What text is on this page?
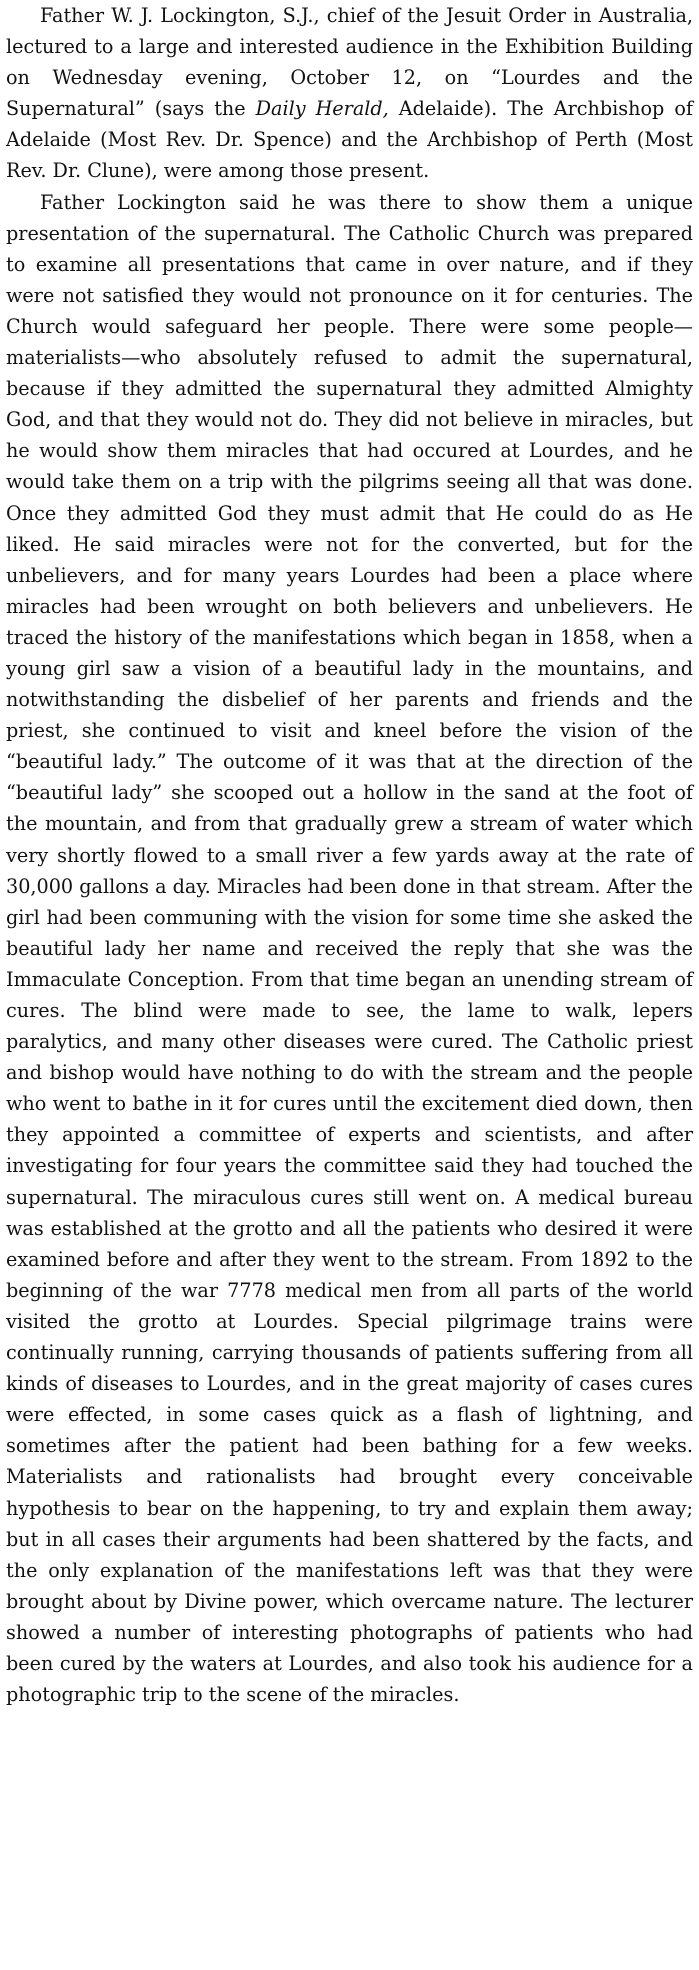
Father W. J. Lockington, S.J., chief of the Jesuit Order in Australia, lectured to a large and interested audience in the Exhibition Building on Wednesday evening, October 12, on “Lourdes and the Supernatural” (says the Daily Herald, Adelaide). The Archbishop of Adelaide (Most Rev. Dr. Spence) and the Archbishop of Perth (Most Rev. Dr. Clune), were among those present.

Father Lockington said he was there to show them a unique presentation of the supernatural. The Catholic Church was prepared to examine all presentations that came in over nature, and if they were not satisfied they would not pronounce on it for centuries. The Church would safeguard her people. There were some people—materialists—who absolutely refused to admit the supernatural, because if they admitted the supernatural they admitted Almighty God, and that they would not do. They did not believe in miracles, but he would show them miracles that had occured at Lourdes, and he would take them on a trip with the pilgrims seeing all that was done. Once they admitted God they must admit that He could do as He liked. He said miracles were not for the converted, but for the unbelievers, and for many years Lourdes had been a place where miracles had been wrought on both believers and unbelievers. He traced the history of the manifestations which began in 1858, when a young girl saw a vision of a beautiful lady in the mountains, and notwithstanding the disbelief of her parents and friends and the priest, she continued to visit and kneel before the vision of the “beautiful lady.” The outcome of it was that at the direction of the “beautiful lady” she scooped out a hollow in the sand at the foot of the mountain, and from that gradually grew a stream of water which very shortly flowed to a small river a few yards away at the rate of 30,000 gallons a day. Miracles had been done in that stream. After the girl had been communing with the vision for some time she asked the beautiful lady her name and received the reply that she was the Immaculate Conception. From that time began an unending stream of cures. The blind were made to see, the lame to walk, lepers paralytics, and many other diseases were cured. The Catholic priest and bishop would have nothing to do with the stream and the people who went to bathe in it for cures until the excitement died down, then they appointed a committee of experts and scientists, and after investigating for four years the committee said they had touched the supernatural. The miraculous cures still went on. A medical bureau was established at the grotto and all the patients who desired it were examined before and after they went to the stream. From 1892 to the beginning of the war 7778 medical men from all parts of the world visited the grotto at Lourdes. Special pilgrimage trains were continually running, carrying thousands of patients suffering from all kinds of diseases to Lourdes, and in the great majority of cases cures were effected, in some cases quick as a flash of lightning, and sometimes after the patient had been bathing for a few weeks. Materialists and rationalists had brought every conceivable hypothesis to bear on the happening, to try and explain them away; but in all cases their arguments had been shattered by the facts, and the only explanation of the manifestations left was that they were brought about by Divine power, which overcame nature. The lecturer showed a number of interesting photographs of patients who had been cured by the waters at Lourdes, and also took his audience for a photographic trip to the scene of the miracles.
